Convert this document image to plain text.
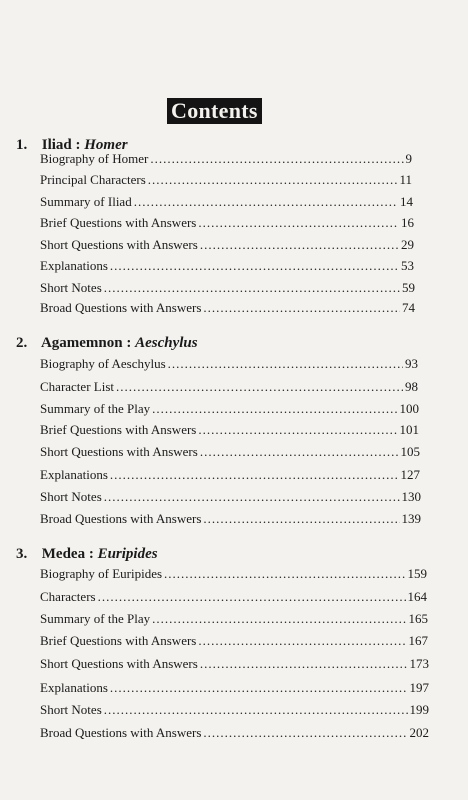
Contents
1. Iliad : Homer
Biography of Homer .....	9
Principal Characters .....	11
Summary of Iliad .....	14
Brief Questions with Answers .....	16
Short Questions with Answers .....	29
Explanations .....	53
Short Notes .....	59
Broad Questions with Answers .....	74
2. Agamemnon : Aeschylus
Biography of Aeschylus .....	93
Character List .....	98
Summary of the Play .....	100
Brief Questions with Answers .....	101
Short Questions with Answers .....	105
Explanations .....	127
Short Notes .....	130
Broad Questions with Answers .....	139
3. Medea : Euripides
Biography of Euripides .....	159
Characters .....	164
Summary of the Play .....	165
Brief Questions with Answers .....	167
Short Questions with Answers .....	173
Explanations .....	197
Short Notes .....	199
Broad Questions with Answers .....	202
